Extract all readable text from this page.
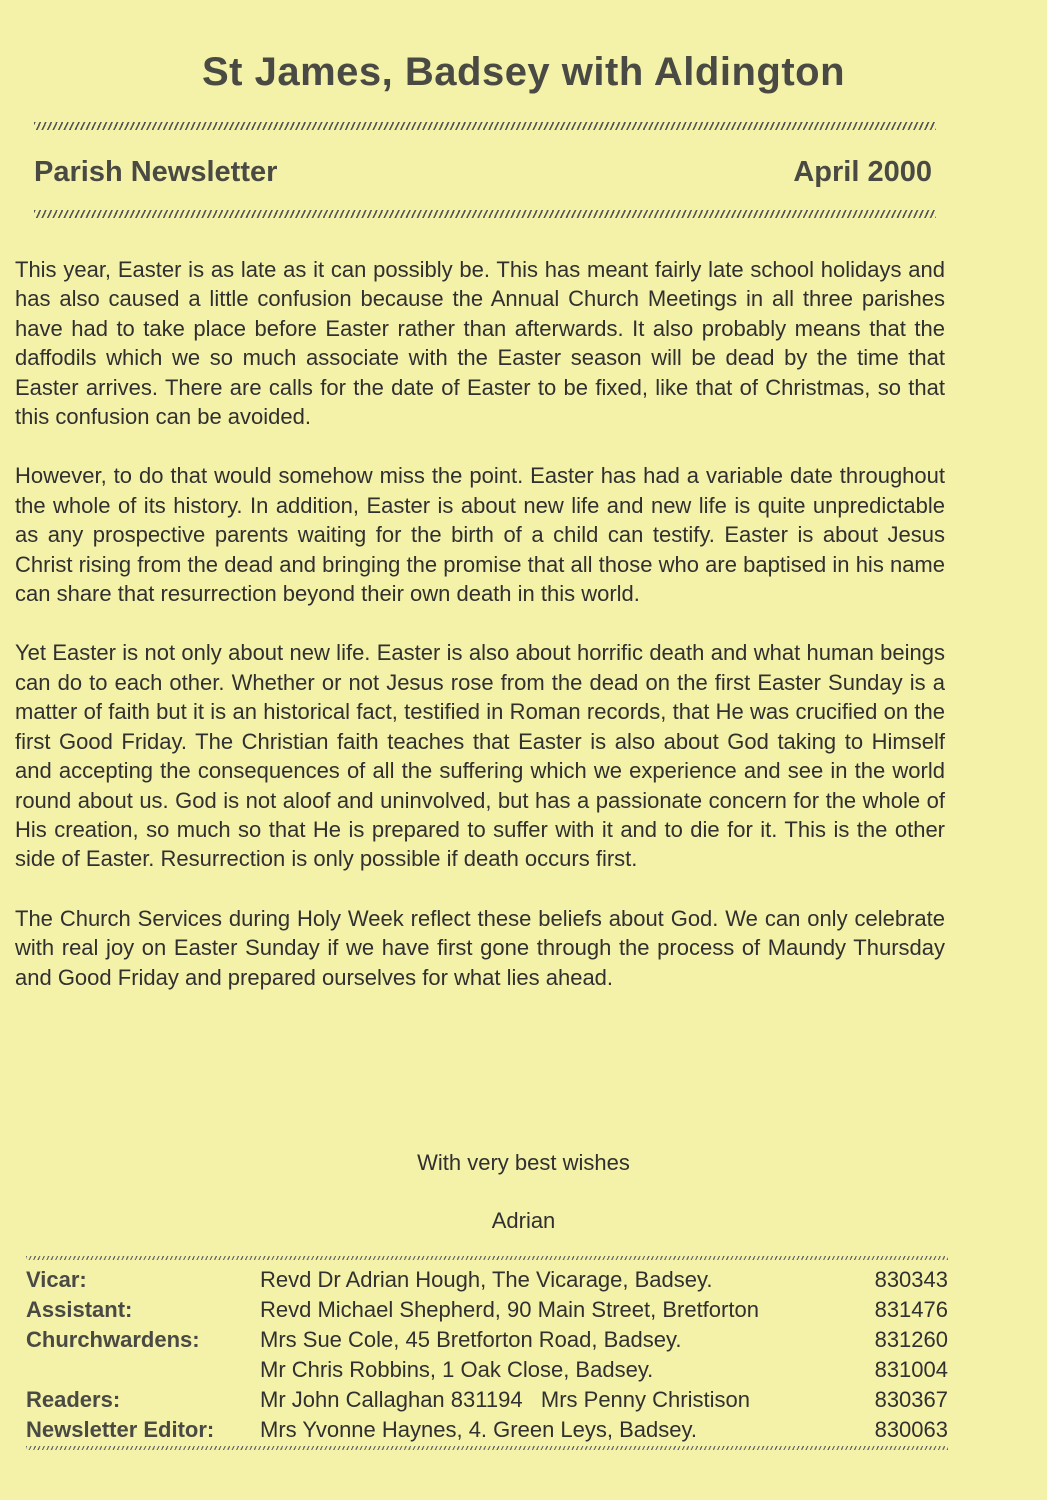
St James, Badsey with Aldington
Parish Newsletter	April 2000

This year, Easter is as late as it can possibly be. This has meant fairly late school holidays and has also caused a little confusion because the Annual Church Meetings in all three parishes have had to take place before Easter rather than afterwards. It also probably means that the daffodils which we so much associate with the Easter season will be dead by the time that Easter arrives. There are calls for the date of Easter to be fixed, like that of Christmas, so that this confusion can be avoided.

However, to do that would somehow miss the point. Easter has had a variable date throughout the whole of its history. In addition, Easter is about new life and new life is quite unpredictable as any prospective parents waiting for the birth of a child can testify. Easter is about Jesus Christ rising from the dead and bringing the promise that all those who are baptised in his name can share that resurrection beyond their own death in this world.

Yet Easter is not only about new life. Easter is also about horrific death and what human beings can do to each other. Whether or not Jesus rose from the dead on the first Easter Sunday is a matter of faith but it is an historical fact, testified in Roman records, that He was crucified on the first Good Friday. The Christian faith teaches that Easter is also about God taking to Himself and accepting the consequences of all the suffering which we experience and see in the world round about us. God is not aloof and uninvolved, but has a passionate concern for the whole of His creation, so much so that He is prepared to suffer with it and to die for it. This is the other side of Easter. Resurrection is only possible if death occurs first.

The Church Services during Holy Week reflect these beliefs about God. We can only celebrate with real joy on Easter Sunday if we have first gone through the process of Maundy Thursday and Good Friday and prepared ourselves for what lies ahead.

With very best wishes
Adrian
Vicar:	Revd Dr Adrian Hough, The Vicarage, Badsey.	830343
Assistant:	Revd Michael Shepherd, 90 Main Street, Bretforton	831476
Churchwardens:	Mrs Sue Cole, 45 Bretforton Road, Badsey.	831260
	Mr Chris Robbins, 1 Oak Close, Badsey.	831004
Readers:	Mr John Callaghan 831194   Mrs Penny Christison	830367
Newsletter Editor:	Mrs Yvonne Haynes, 4. Green Leys, Badsey.	830063
